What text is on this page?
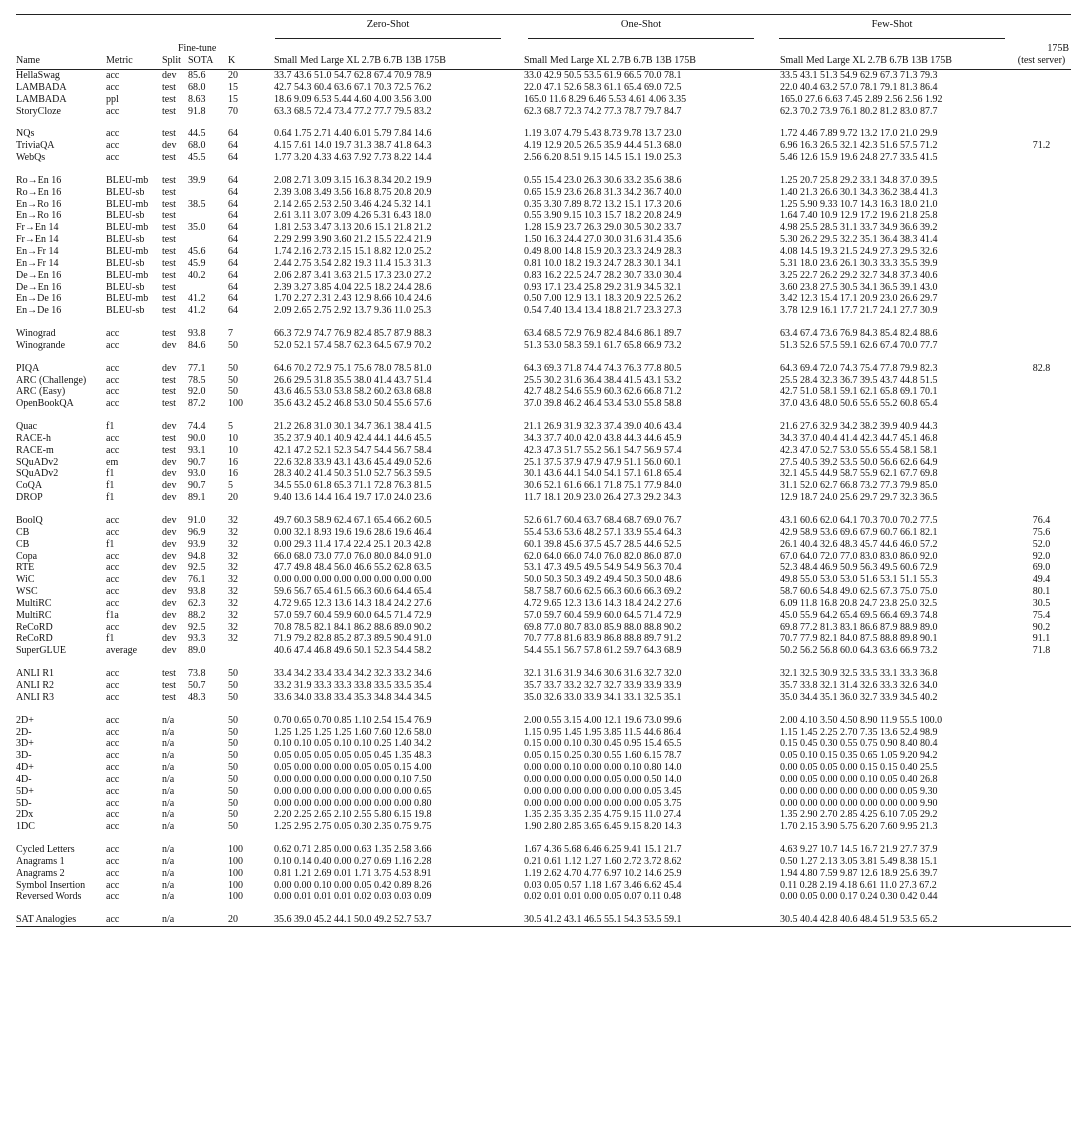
						Zero-Shot		One-Shot		Few-Shot	
Name	Metric	Split	Fine-tune
SOTA	K		Small Med Large XL 2.7B 6.7B 13B 175B		Small Med Large XL 2.7B 6.7B 13B 175B		Small Med Large XL 2.7B 6.7B 13B 175B	175B
(test server)
HellaSwag	acc	dev	85.6	20		33.7 43.6 51.0 54.7 62.8 67.4 70.9 78.9		33.0 42.9 50.5 53.5 61.9 66.5 70.0 78.1		33.5 43.1 51.3 54.9 62.9 67.3 71.3 79.3	
LAMBADA	acc	test	68.0	15		42.7 54.3 60.4 63.6 67.1 70.3 72.5 76.2		22.0 47.1 52.6 58.3 61.1 65.4 69.0 72.5		22.0 40.4 63.2 57.0 78.1 79.1 81.3 86.4	
LAMBADA	ppl	test	8.63	15		18.6 9.09 6.53 5.44 4.60 4.00 3.56 3.00		165.0 11.6 8.29 6.46 5.53 4.61 4.06 3.35		165.0 27.6 6.63 7.45 2.89 2.56 2.56 1.92	
StoryCloze	acc	test	91.8	70		63.3 68.5 72.4 73.4 77.2 77.7 79.5 83.2		62.3 68.7 72.3 74.2 77.3 78.7 79.7 84.7		62.3 70.2 73.9 76.1 80.2 81.2 83.0 87.7	

NQs	acc	test	44.5	64		0.64 1.75 2.71 4.40 6.01 5.79 7.84 14.6		1.19 3.07 4.79 5.43 8.73 9.78 13.7 23.0		1.72 4.46 7.89 9.72 13.2 17.0 21.0 29.9	
TriviaQA	acc	dev	68.0	64		4.15 7.61 14.0 19.7 31.3 38.7 41.8 64.3		4.19 12.9 20.5 26.5 35.9 44.4 51.3 68.0		6.96 16.3 26.5 32.1 42.3 51.6 57.5 71.2	71.2
WebQs	acc	test	45.5	64		1.77 3.20 4.33 4.63 7.92 7.73 8.22 14.4		2.56 6.20 8.51 9.15 14.5 15.1 19.0 25.3		5.46 12.6 15.9 19.6 24.8 27.7 33.5 41.5	

Ro→En 16	BLEU-mb	test	39.9	64		2.08 2.71 3.09 3.15 16.3 8.34 20.2 19.9		0.55 15.4 23.0 26.3 30.6 33.2 35.6 38.6		1.25 20.7 25.8 29.2 33.1 34.8 37.0 39.5	
Ro→En 16	BLEU-sb	test		64		2.39 3.08 3.49 3.56 16.8 8.75 20.8 20.9		0.65 15.9 23.6 26.8 31.3 34.2 36.7 40.0		1.40 21.3 26.6 30.1 34.3 36.2 38.4 41.3	
En→Ro 16	BLEU-mb	test	38.5	64		2.14 2.65 2.53 2.50 3.46 4.24 5.32 14.1		0.35 3.30 7.89 8.72 13.2 15.1 17.3 20.6		1.25 5.90 9.33 10.7 14.3 16.3 18.0 21.0	
En→Ro 16	BLEU-sb	test		64		2.61 3.11 3.07 3.09 4.26 5.31 6.43 18.0		0.55 3.90 9.15 10.3 15.7 18.2 20.8 24.9		1.64 7.40 10.9 12.9 17.2 19.6 21.8 25.8	
Fr→En 14	BLEU-mb	test	35.0	64		1.81 2.53 3.47 3.13 20.6 15.1 21.8 21.2		1.28 15.9 23.7 26.3 29.0 30.5 30.2 33.7		4.98 25.5 28.5 31.1 33.7 34.9 36.6 39.2	
Fr→En 14	BLEU-sb	test		64		2.29 2.99 3.90 3.60 21.2 15.5 22.4 21.9		1.50 16.3 24.4 27.0 30.0 31.6 31.4 35.6		5.30 26.2 29.5 32.2 35.1 36.4 38.3 41.4	
En→Fr 14	BLEU-mb	test	45.6	64		1.74 2.16 2.73 2.15 15.1 8.82 12.0 25.2		0.49 8.00 14.8 15.9 20.3 23.3 24.9 28.3		4.08 14.5 19.3 21.5 24.9 27.3 29.5 32.6	
En→Fr 14	BLEU-sb	test	45.9	64		2.44 2.75 3.54 2.82 19.3 11.4 15.3 31.3		0.81 10.0 18.2 19.3 24.7 28.3 30.1 34.1		5.31 18.0 23.6 26.1 30.3 33.3 35.5 39.9	
De→En 16	BLEU-mb	test	40.2	64		2.06 2.87 3.41 3.63 21.5 17.3 23.0 27.2		0.83 16.2 22.5 24.7 28.2 30.7 33.0 30.4		3.25 22.7 26.2 29.2 32.7 34.8 37.3 40.6	
De→En 16	BLEU-sb	test		64		2.39 3.27 3.85 4.04 22.5 18.2 24.4 28.6		0.93 17.1 23.4 25.8 29.2 31.9 34.5 32.1		3.60 23.8 27.5 30.5 34.1 36.5 39.1 43.0	
En→De 16	BLEU-mb	test	41.2	64		1.70 2.27 2.31 2.43 12.9 8.66 10.4 24.6		0.50 7.00 12.9 13.1 18.3 20.9 22.5 26.2		3.42 12.3 15.4 17.1 20.9 23.0 26.6 29.7	
En→De 16	BLEU-sb	test	41.2	64		2.09 2.65 2.75 2.92 13.7 9.36 11.0 25.3		0.54 7.40 13.4 13.4 18.8 21.7 23.3 27.3		3.78 12.9 16.1 17.7 21.7 24.1 27.7 30.9	

Winograd	acc	test	93.8	7		66.3 72.9 74.7 76.9 82.4 85.7 87.9 88.3		63.4 68.5 72.9 76.9 82.4 84.6 86.1 89.7		63.4 67.4 73.6 76.9 84.3 85.4 82.4 88.6	
Winogrande	acc	dev	84.6	50		52.0 52.1 57.4 58.7 62.3 64.5 67.9 70.2		51.3 53.0 58.3 59.1 61.7 65.8 66.9 73.2		51.3 52.6 57.5 59.1 62.6 67.4 70.0 77.7	

PIQA	acc	dev	77.1	50		64.6 70.2 72.9 75.1 75.6 78.0 78.5 81.0		64.3 69.3 71.8 74.4 74.3 76.3 77.8 80.5		64.3 69.4 72.0 74.3 75.4 77.8 79.9 82.3	82.8
ARC (Challenge)	acc	test	78.5	50		26.6 29.5 31.8 35.5 38.0 41.4 43.7 51.4		25.5 30.2 31.6 36.4 38.4 41.5 43.1 53.2		25.5 28.4 32.3 36.7 39.5 43.7 44.8 51.5	
ARC (Easy)	acc	test	92.0	50		43.6 46.5 53.0 53.8 58.2 60.2 63.8 68.8		42.7 48.2 54.6 55.9 60.3 62.6 66.8 71.2		42.7 51.0 58.1 59.1 62.1 65.8 69.1 70.1	
OpenBookQA	acc	test	87.2	100		35.6 43.2 45.2 46.8 53.0 50.4 55.6 57.6		37.0 39.8 46.2 46.4 53.4 53.0 55.8 58.8		37.0 43.6 48.0 50.6 55.6 55.2 60.8 65.4	

Quac	f1	dev	74.4	5		21.2 26.8 31.0 30.1 34.7 36.1 38.4 41.5		21.1 26.9 31.9 32.3 37.4 39.0 40.6 43.4		21.6 27.6 32.9 34.2 38.2 39.9 40.9 44.3	
RACE-h	acc	test	90.0	10		35.2 37.9 40.1 40.9 42.4 44.1 44.6 45.5		34.3 37.7 40.0 42.0 43.8 44.3 44.6 45.9		34.3 37.0 40.4 41.4 42.3 44.7 45.1 46.8	
RACE-m	acc	test	93.1	10		42.1 47.2 52.1 52.3 54.7 54.4 56.7 58.4		42.3 47.3 51.7 55.2 56.1 54.7 56.9 57.4		42.3 47.0 52.7 53.0 55.6 55.4 58.1 58.1	
SQuADv2	em	dev	90.7	16		22.6 32.8 33.9 43.1 43.6 45.4 49.0 52.6		25.1 37.5 37.9 47.9 47.9 51.1 56.0 60.1		27.5 40.5 39.2 53.5 50.0 56.6 62.6 64.9	
SQuADv2	f1	dev	93.0	16		28.3 40.2 41.4 50.3 51.0 52.7 56.3 59.5		30.1 43.6 44.1 54.0 54.1 57.1 61.8 65.4		32.1 45.5 44.9 58.7 55.9 62.1 67.7 69.8	
CoQA	f1	dev	90.7	5		34.5 55.0 61.8 65.3 71.1 72.8 76.3 81.5		30.6 52.1 61.6 66.1 71.8 75.1 77.9 84.0		31.1 52.0 62.7 66.8 73.2 77.3 79.9 85.0	
DROP	f1	dev	89.1	20		9.40 13.6 14.4 16.4 19.7 17.0 24.0 23.6		11.7 18.1 20.9 23.0 26.4 27.3 29.2 34.3		12.9 18.7 24.0 25.6 29.7 29.7 32.3 36.5	

BoolQ	acc	dev	91.0	32		49.7 60.3 58.9 62.4 67.1 65.4 66.2 60.5		52.6 61.7 60.4 63.7 68.4 68.7 69.0 76.7		43.1 60.6 62.0 64.1 70.3 70.0 70.2 77.5	76.4
CB	acc	dev	96.9	32		0.00 32.1 8.93 19.6 19.6 28.6 19.6 46.4		55.4 53.6 53.6 48.2 57.1 33.9 55.4 64.3		42.9 58.9 53.6 69.6 67.9 60.7 66.1 82.1	75.6
CB	f1	dev	93.9	32		0.00 29.3 11.4 17.4 22.4 25.1 20.3 42.8		60.1 39.8 45.6 37.5 45.7 28.5 44.6 52.5		26.1 40.4 32.6 48.3 45.7 44.6 46.0 57.2	52.0
Copa	acc	dev	94.8	32		66.0 68.0 73.0 77.0 76.0 80.0 84.0 91.0		62.0 64.0 66.0 74.0 76.0 82.0 86.0 87.0		67.0 64.0 72.0 77.0 83.0 83.0 86.0 92.0	92.0
RTE	acc	dev	92.5	32		47.7 49.8 48.4 56.0 46.6 55.2 62.8 63.5		53.1 47.3 49.5 49.5 54.9 54.9 56.3 70.4		52.3 48.4 46.9 50.9 56.3 49.5 60.6 72.9	69.0
WiC	acc	dev	76.1	32		0.00 0.00 0.00 0.00 0.00 0.00 0.00 0.00		50.0 50.3 50.3 49.2 49.4 50.3 50.0 48.6		49.8 55.0 53.0 53.0 51.6 53.1 51.1 55.3	49.4
WSC	acc	dev	93.8	32		59.6 56.7 65.4 61.5 66.3 60.6 64.4 65.4		58.7 58.7 60.6 62.5 66.3 60.6 66.3 69.2		58.7 60.6 54.8 49.0 62.5 67.3 75.0 75.0	80.1
MultiRC	acc	dev	62.3	32		4.72 9.65 12.3 13.6 14.3 18.4 24.2 27.6		4.72 9.65 12.3 13.6 14.3 18.4 24.2 27.6		6.09 11.8 16.8 20.8 24.7 23.8 25.0 32.5	30.5
MultiRC	f1a	dev	88.2	32		57.0 59.7 60.4 59.9 60.0 64.5 71.4 72.9		57.0 59.7 60.4 59.9 60.0 64.5 71.4 72.9		45.0 55.9 64.2 65.4 69.5 66.4 69.3 74.8	75.4
ReCoRD	acc	dev	92.5	32		70.8 78.5 82.1 84.1 86.2 88.6 89.0 90.2		69.8 77.0 80.7 83.0 85.9 88.0 88.8 90.2		69.8 77.2 81.3 83.1 86.6 87.9 88.9 89.0	90.2
ReCoRD	f1	dev	93.3	32		71.9 79.2 82.8 85.2 87.3 89.5 90.4 91.0		70.7 77.8 81.6 83.9 86.8 88.8 89.7 91.2		70.7 77.9 82.1 84.0 87.5 88.8 89.8 90.1	91.1
SuperGLUE	average	dev	89.0			40.6 47.4 46.8 49.6 50.1 52.3 54.4 58.2		54.4 55.1 56.7 57.8 61.2 59.7 64.3 68.9		50.2 56.2 56.8 60.0 64.3 63.6 66.9 73.2	71.8

ANLI R1	acc	test	73.8	50		33.4 34.2 33.4 33.4 34.2 32.3 33.2 34.6		32.1 31.6 31.9 34.6 30.6 31.6 32.7 32.0		32.1 32.5 30.9 32.5 33.5 33.1 33.3 36.8	
ANLI R2	acc	test	50.7	50		33.2 31.9 33.3 33.3 33.8 33.5 33.5 35.4		35.7 33.7 33.2 32.7 32.7 33.9 33.9 33.9		35.7 33.8 32.1 31.4 32.6 33.3 32.6 34.0	
ANLI R3	acc	test	48.3	50		33.6 34.0 33.8 33.4 35.3 34.8 34.4 34.5		35.0 32.6 33.0 33.9 34.1 33.1 32.5 35.1		35.0 34.4 35.1 36.0 32.7 33.9 34.5 40.2	

2D+	acc	n/a		50		0.70 0.65 0.70 0.85 1.10 2.54 15.4 76.9		2.00 0.55 3.15 4.00 12.1 19.6 73.0 99.6		2.00 4.10 3.50 4.50 8.90 11.9 55.5 100.0	
2D-	acc	n/a		50		1.25 1.25 1.25 1.25 1.60 7.60 12.6 58.0		1.15 0.95 1.45 1.95 3.85 11.5 44.6 86.4		1.15 1.45 2.25 2.70 7.35 13.6 52.4 98.9	
3D+	acc	n/a		50		0.10 0.10 0.05 0.10 0.10 0.25 1.40 34.2		0.15 0.00 0.10 0.30 0.45 0.95 15.4 65.5		0.15 0.45 0.30 0.55 0.75 0.90 8.40 80.4	
3D-	acc	n/a		50		0.05 0.05 0.05 0.05 0.05 0.45 1.35 48.3		0.05 0.15 0.25 0.30 0.55 1.60 6.15 78.7		0.05 0.10 0.15 0.35 0.65 1.05 9.20 94.2	
4D+	acc	n/a		50		0.05 0.00 0.00 0.00 0.05 0.05 0.15 4.00		0.00 0.00 0.10 0.00 0.00 0.10 0.80 14.0		0.00 0.05 0.05 0.00 0.15 0.15 0.40 25.5	
4D-	acc	n/a		50		0.00 0.00 0.00 0.00 0.00 0.00 0.10 7.50		0.00 0.00 0.00 0.00 0.05 0.00 0.50 14.0		0.00 0.05 0.00 0.00 0.10 0.05 0.40 26.8	
5D+	acc	n/a		50		0.00 0.00 0.00 0.00 0.00 0.00 0.00 0.65		0.00 0.00 0.00 0.00 0.00 0.00 0.05 3.45		0.00 0.00 0.00 0.00 0.00 0.00 0.05 9.30	
5D-	acc	n/a		50		0.00 0.00 0.00 0.00 0.00 0.00 0.00 0.80		0.00 0.00 0.00 0.00 0.00 0.00 0.05 3.75		0.00 0.00 0.00 0.00 0.00 0.00 0.00 9.90	
2Dx	acc	n/a		50		2.20 2.25 2.65 2.10 2.55 5.80 6.15 19.8		1.35 2.35 3.35 2.35 4.75 9.15 11.0 27.4		1.35 2.90 2.70 2.85 4.25 6.10 7.05 29.2	
1DC	acc	n/a		50		1.25 2.95 2.75 0.05 0.30 2.35 0.75 9.75		1.90 2.80 2.85 3.65 6.45 9.15 8.20 14.3		1.70 2.15 3.90 5.75 6.20 7.60 9.95 21.3	

Cycled Letters	acc	n/a		100		0.62 0.71 2.85 0.00 0.63 1.35 2.58 3.66		1.67 4.36 5.68 6.46 6.25 9.41 15.1 21.7		4.63 9.27 10.7 14.5 16.7 21.9 27.7 37.9	
Anagrams 1	acc	n/a		100		0.10 0.14 0.40 0.00 0.27 0.69 1.16 2.28		0.21 0.61 1.12 1.27 1.60 2.72 3.72 8.62		0.50 1.27 2.13 3.05 3.81 5.49 8.38 15.1	
Anagrams 2	acc	n/a		100		0.81 1.21 2.69 0.01 1.71 3.75 4.53 8.91		1.19 2.62 4.70 4.77 6.97 10.2 14.6 25.9		1.94 4.80 7.59 9.87 12.6 18.9 25.6 39.7	
Symbol Insertion	acc	n/a		100		0.00 0.00 0.10 0.00 0.05 0.42 0.89 8.26		0.03 0.05 0.57 1.18 1.67 3.46 6.62 45.4		0.11 0.28 2.19 4.18 6.61 11.0 27.3 67.2	
Reversed Words	acc	n/a		100		0.00 0.01 0.01 0.01 0.02 0.03 0.03 0.09		0.02 0.01 0.01 0.00 0.05 0.07 0.11 0.48		0.00 0.05 0.00 0.17 0.24 0.30 0.42 0.44	

SAT Analogies	acc	n/a		20		35.6 39.0 45.2 44.1 50.0 49.2 52.7 53.7		30.5 41.2 43.1 46.5 55.1 54.3 53.5 59.1		30.5 40.4 42.8 40.6 48.4 51.9 53.5 65.2	
